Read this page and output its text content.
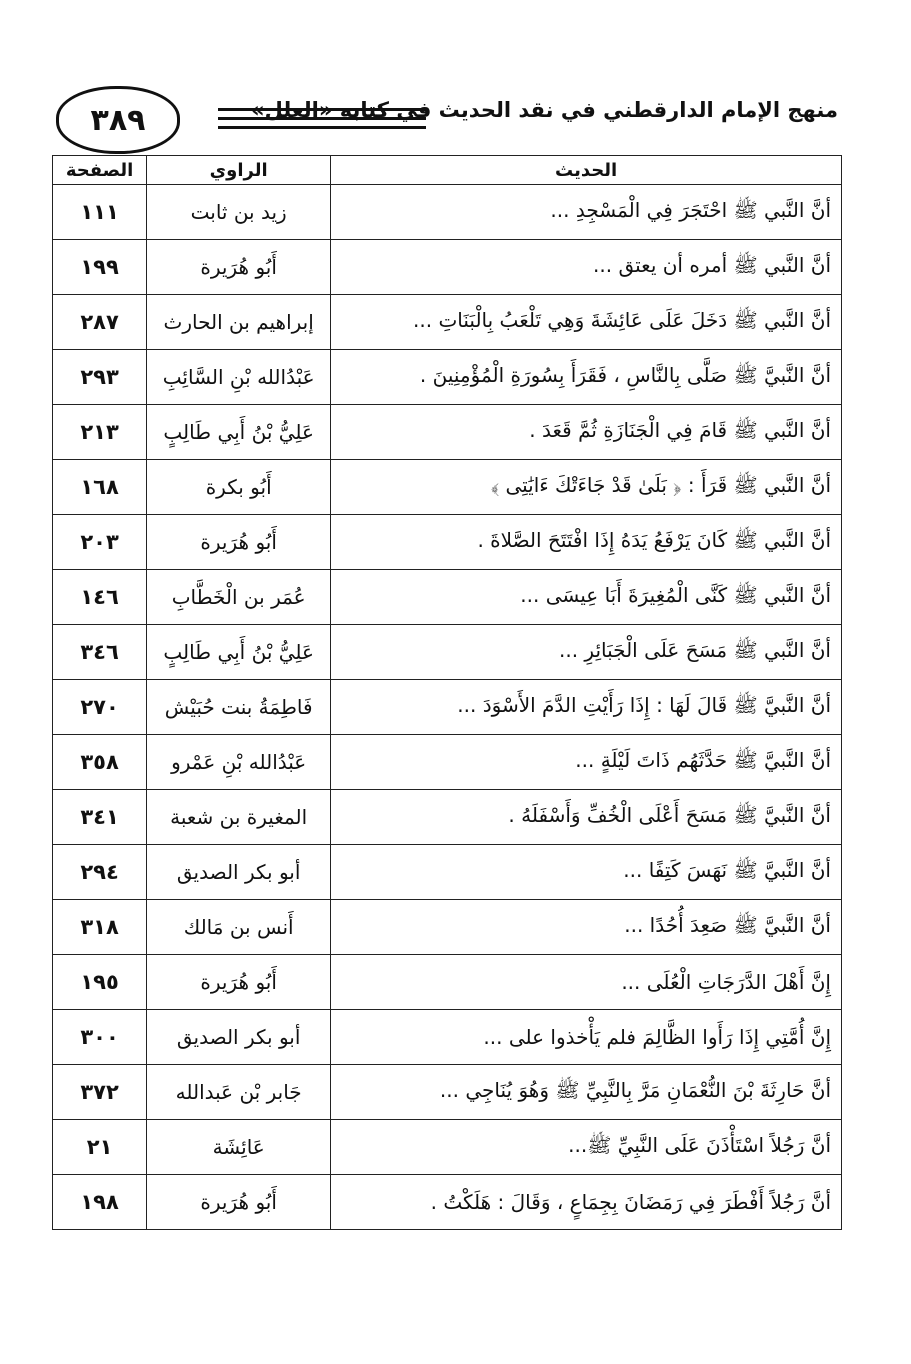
٣٨٩	منهج الإمام الدارقطني في نقد الحديث في كتابه «العلل»
الحديث	الراوي	الصفحة
أنَّ النَّبي ﷺ احْتَجَرَ فِي الْمَسْجِدِ ...	زيد بن ثابت	١١١
أنَّ النَّبي ﷺ أمره أن يعتق ...	أَبُو هُرَيرة	١٩٩
أنَّ النَّبي ﷺ دَخَلَ عَلَى عَائِشَةَ وَهِي تَلْعَبُ بِالْبَنَاتِ ...	إبراهيم بن الحارث	٢٨٧
أنَّ النَّبيَّ ﷺ صَلَّى بِالنَّاسِ ، فَقَرَأَ بِسُورَةِ الْمُؤْمِنِينَ .	عَبْدُالله بْنِ السَّائِبِ	٢٩٣
أنَّ النَّبي ﷺ قَامَ فِي الْجَنَازَةِ ثُمَّ قَعَدَ .	عَلِيُّ بْنُ أَبِي طَالِبٍ	٢١٣
أنَّ النَّبي ﷺ قَرَأَ : ﴿ بَلَىٰ قَدْ جَاءَتْكَ ءَايَٰتِى ﴾	أَبُو بكرة	١٦٨
أنَّ النَّبي ﷺ كَانَ يَرْفَعُ يَدَهُ إِذَا افْتَتَحَ الصَّلاةَ .	أَبُو هُرَيرة	٢٠٣
أنَّ النَّبي ﷺ كَنَّى الْمُغِيرَةَ أَبَا عِيسَى ...	عُمَر بن الْخَطَّابِ	١٤٦
أنَّ النَّبي ﷺ مَسَحَ عَلَى الْجَبَائِرِ ...	عَلِيُّ بْنُ أَبِي طَالِبٍ	٣٤٦
أنَّ النَّبيَّ ﷺ قَالَ لَهَا : إِذَا رَأَيْتِ الدَّمَ الأَسْوَدَ ...	فَاطِمَةُ بنت حُبَيْش	٢٧٠
أنَّ النَّبيَّ ﷺ حَدَّثَهُم ذَاتَ لَيْلَةٍ ...	عَبْدُالله بْنِ عَمْرو	٣٥٨
أنَّ النَّبيَّ ﷺ مَسَحَ أَعْلَى الْخُفِّ وَأَسْفَلَهُ .	المغيرة بن شعبة	٣٤١
أنَّ النَّبيَّ ﷺ نَهَسَ كَتِفًا ...	أبو بكر الصديق	٢٩٤
أنَّ النَّبيَّ ﷺ صَعِدَ أُحُدًا ...	أَنس بن مَالك	٣١٨
إِنَّ أَهْلَ الدَّرَجَاتِ الْعُلَى ...	أَبُو هُرَيرة	١٩٥
إِنَّ أُمَّتِي إِذَا رَأَوا الظَّالِمَ فلم يَأْخذوا على ...	أبو بكر الصديق	٣٠٠
أنَّ حَارِثَةَ بْنَ النُّعْمَانِ مَرَّ بِالنَّبِيِّ ﷺ وَهُوَ يُنَاجِي ...	جَابر بْن عَبدالله	٣٧٢
أنَّ رَجُلاً اسْتَأْذَنَ عَلَى النَّبِيِّ ﷺ...	عَائِشَة	٢١
أنَّ رَجُلاً أَفْطَرَ فِي رَمَضَانَ بِجِمَاعٍ ، وَقَالَ : هَلَكْتُ .	أَبُو هُرَيرة	١٩٨
